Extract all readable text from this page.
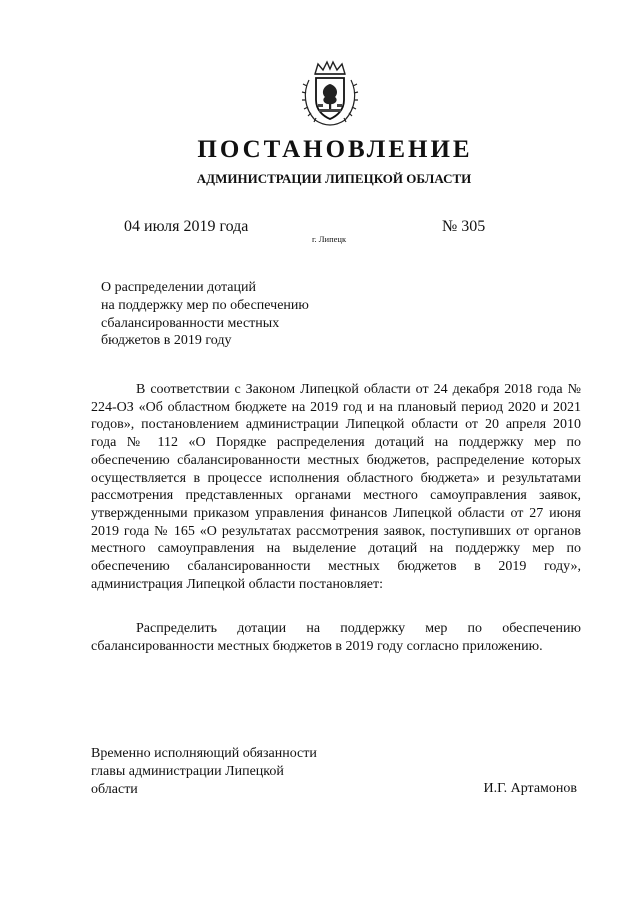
ПОСТАНОВЛЕНИЕ
АДМИНИСТРАЦИИ ЛИПЕЦКОЙ ОБЛАСТИ
04 июля 2019 года
г. Липецк
№ 305
О распределении дотаций
на поддержку мер по обеспечению
сбалансированности местных
бюджетов в 2019 году
В соответствии с Законом Липецкой области от 24 декабря 2018 года № 224-ОЗ «Об областном бюджете на 2019 год и на плановый период 2020 и 2021 годов», постановлением администрации Липецкой области от 20 апреля 2010 года № 112 «О Порядке распределения дотаций на поддержку мер по обеспечению сбалансированности местных бюджетов, распределение которых осуществляется в процессе исполнения областного бюджета» и результатами рассмотрения представленных органами местного самоуправления заявок, утвержденными приказом управления финансов Липецкой области от 27 июня 2019 года № 165 «О результатах рассмотрения заявок, поступивших от органов местного самоуправления на выделение дотаций на поддержку мер по обеспечению сбалансированности местных бюджетов в 2019 году», администрация Липецкой области постановляет:
Распределить дотации на поддержку мер по обеспечению сбалансированности местных бюджетов в 2019 году согласно приложению.
Временно исполняющий обязанности
главы администрации Липецкой
области	И.Г. Артамонов
